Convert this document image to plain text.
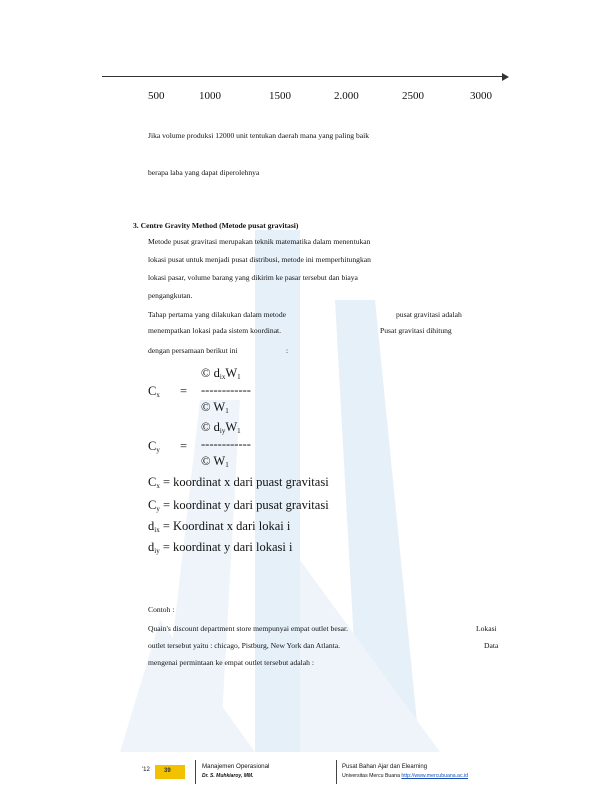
500	1000	1500	2.000	2500	3000
Jika volume produksi 12000 unit tentukan daerah mana yang paling baik
berapa laba yang dapat diperolehnya
3. Centre Gravity Method (Metode pusat gravitasi)
Metode pusat gravitasi merupakan teknik matematika dalam menentukan
lokasi pusat untuk menjadi pusat distribusi, metode ini memperhitungkan
lokasi pasar, volume barang yang dikirim ke pasar tersebut dan biaya
pengangkutan.
Tahap pertama yang dilakukan dalam metode	pusat gravitasi adalah
menempatkan lokasi pada sistem koordinat.	Pusat gravitasi dihitung
dengan persamaan berikut ini	:
© $d_{ix}W_1$
$C_x$ = ------------
© $W_1$
© $d_{iy}W_1$
$C_y$ = ------------
© $W_1$
$C_x$ = koordinat x dari puast gravitasi
$C_y$ = koordinat y dari pusat gravitasi
$d_{ix}$ = Koordinat x dari lokai i
$d_{iy}$ = koordinat y dari lokasi i
Contoh :
Quain's discount department store mempunyai empat outlet besar.	Lokasi
outlet tersebut yaitu : chicago, Pistburg, New York dan Atlanta.	Data
mengenai permintaan ke empat outlet tersebut adalah :
'12 39
Manajemen Operasional
Dr. S. Muhkiaroy, MM.
Pusat Bahan Ajar dan Elearning
Universitas Mercu Buana http://www.mercubuana.ac.id
